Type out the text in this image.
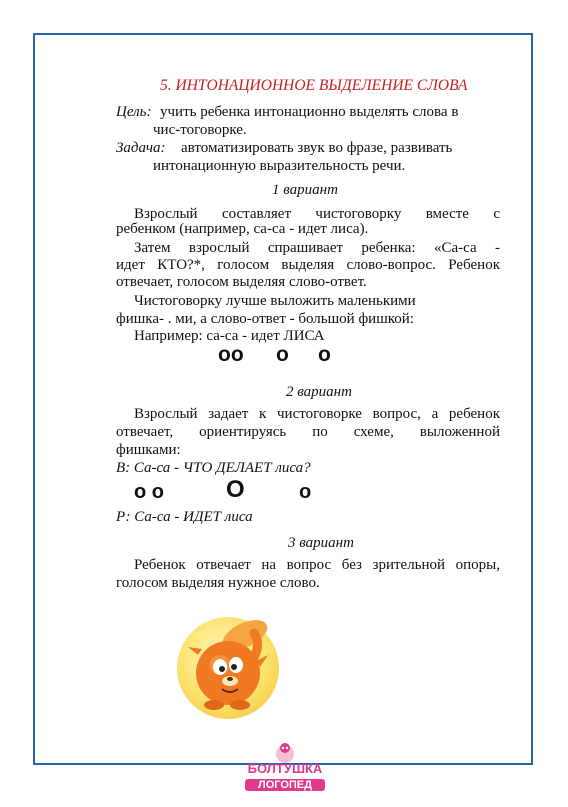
5. ИНТОНАЦИОННОЕ ВЫДЕЛЕНИЕ СЛОВА
Цель: учить ребенка интонационно выделять слова в
чис-тоговорке.
Задача: автоматизировать звук во фразе, развивать
интонационную выразительность речи.
1 вариант
Взрослый составляет чистоговорку вместе с
ребенком (например, са-са - идет лиса).
Затем взрослый спрашивает ребенка: «Са-са -
идет КТО?*, голосом выделяя слово-вопрос. Ребенок
отвечает, голосом выделяя слово-ответ.
Чистоговорку лучше выложить маленькими
фишка- . ми, а слово-ответ - большой фишкой:
Например: са-са - идет ЛИСА
oo o o
2 вариант
Взрослый задает к чистоговорке вопрос, а ребенок
отвечает, ориентируясь по схеме, выложенной
фишками:
В: Са-са - ЧТО ДЕЛАЕТ лиса?
o o	O	o
Р: Са-са - ИДЕТ лиса
3 вариант
Ребенок отвечает на вопрос без зрительной опоры,
голосом выделяя нужное слово.
БОЛТУШКА
ЛОГОПЕД
